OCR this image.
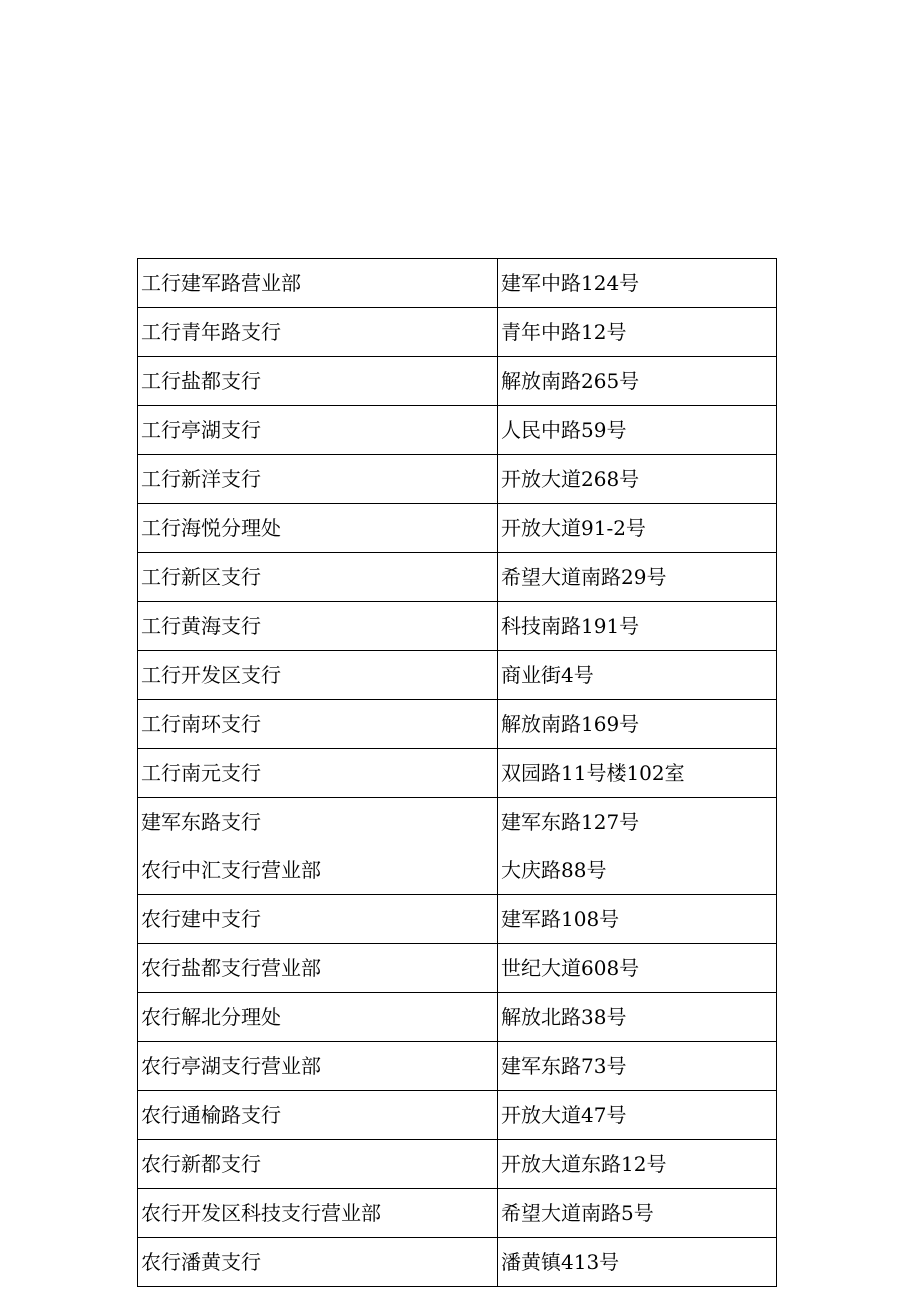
工行建军路营业部	建军中路124号
工行青年路支行	青年中路12号
工行盐都支行	解放南路265号
工行亭湖支行	人民中路59号
工行新洋支行	开放大道268号
工行海悦分理处	开放大道91-2号
工行新区支行	希望大道南路29号
工行黄海支行	科技南路191号
工行开发区支行	商业街4号
工行南环支行	解放南路169号
工行南元支行	双园路11号楼102室
建军东路支行	建军东路127号
农行中汇支行营业部	大庆路88号
农行建中支行	建军路108号
农行盐都支行营业部	世纪大道608号
农行解北分理处	解放北路38号
农行亭湖支行营业部	建军东路73号
农行通榆路支行	开放大道47号
农行新都支行	开放大道东路12号
农行开发区科技支行营业部	希望大道南路5号
农行潘黄支行	潘黄镇413号
